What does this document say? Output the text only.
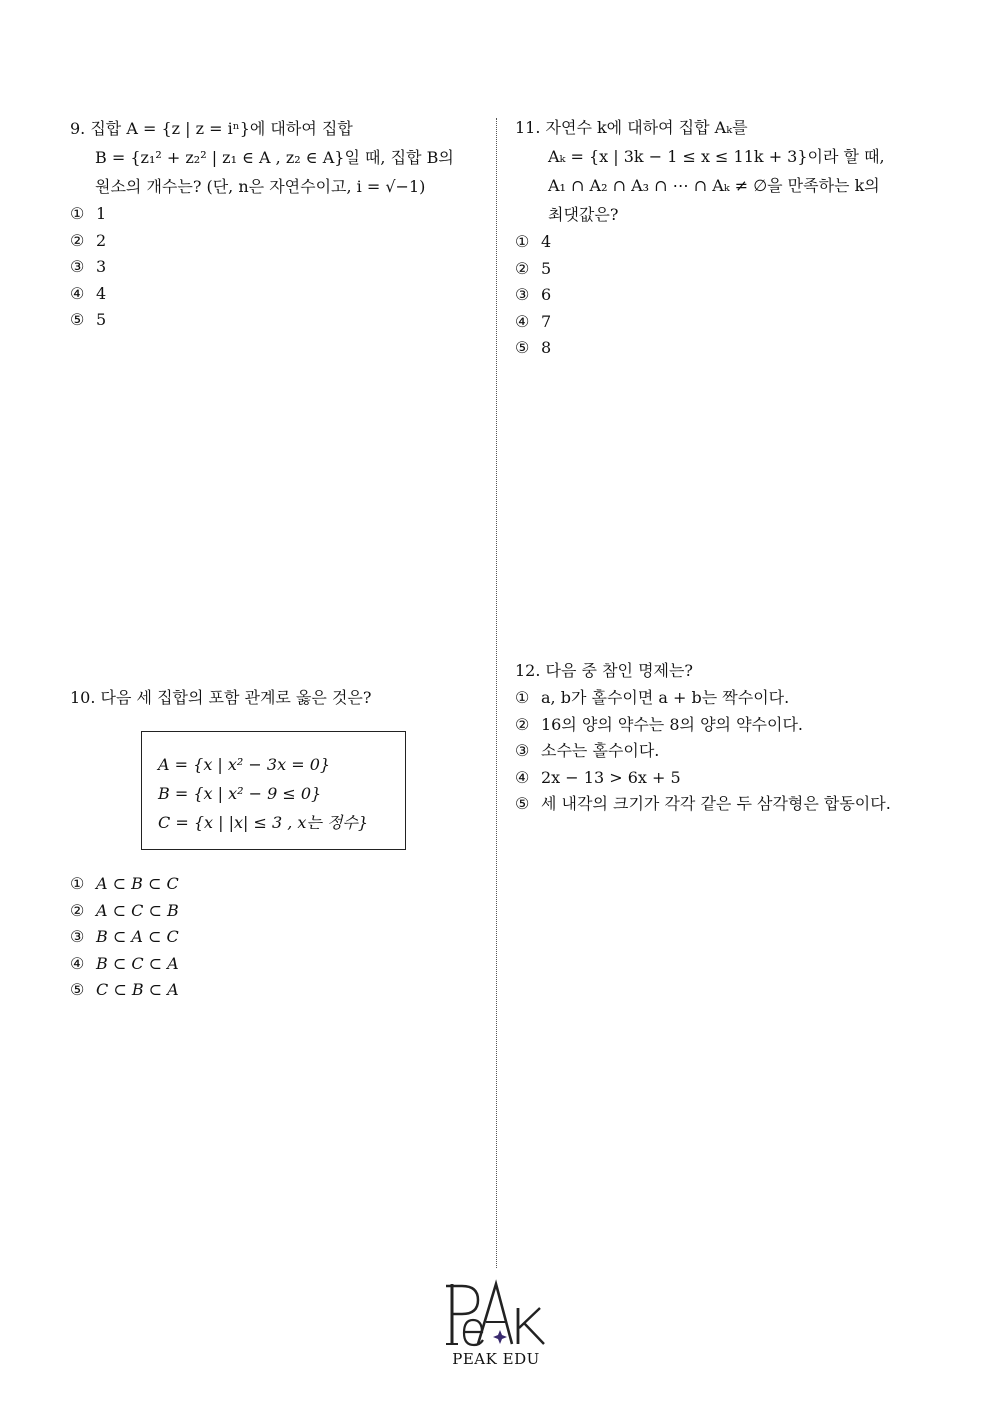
9. 집합 A = {z | z = iⁿ}에 대하여 집합
B = {z₁² + z₂² | z₁ ∈ A , z₂ ∈ A}일 때, 집합 B의
원소의 개수는? (단, n은 자연수이고, i = √−1)
① 1
② 2
③ 3
④ 4
⑤ 5
10. 다음 세 집합의 포함 관계로 옳은 것은?
A = {x | x² − 3x = 0}
B = {x | x² − 9 ≤ 0}
C = {x | |x| ≤ 3 , x는 정수}
① A ⊂ B ⊂ C
② A ⊂ C ⊂ B
③ B ⊂ A ⊂ C
④ B ⊂ C ⊂ A
⑤ C ⊂ B ⊂ A
11. 자연수 k에 대하여 집합 Aₖ를
Aₖ = {x | 3k − 1 ≤ x ≤ 11k + 3}이라 할 때,
A₁ ∩ A₂ ∩ A₃ ∩ ⋯ ∩ Aₖ ≠ ∅을 만족하는 k의
최댓값은?
① 4
② 5
③ 6
④ 7
⑤ 8
12. 다음 중 참인 명제는?
① a, b가 홀수이면 a + b는 짝수이다.
② 16의 양의 약수는 8의 양의 약수이다.
③ 소수는 홀수이다.
④ 2x − 13 > 6x + 5
⑤ 세 내각의 크기가 각각 같은 두 삼각형은 합동이다.
PEAK EDU
